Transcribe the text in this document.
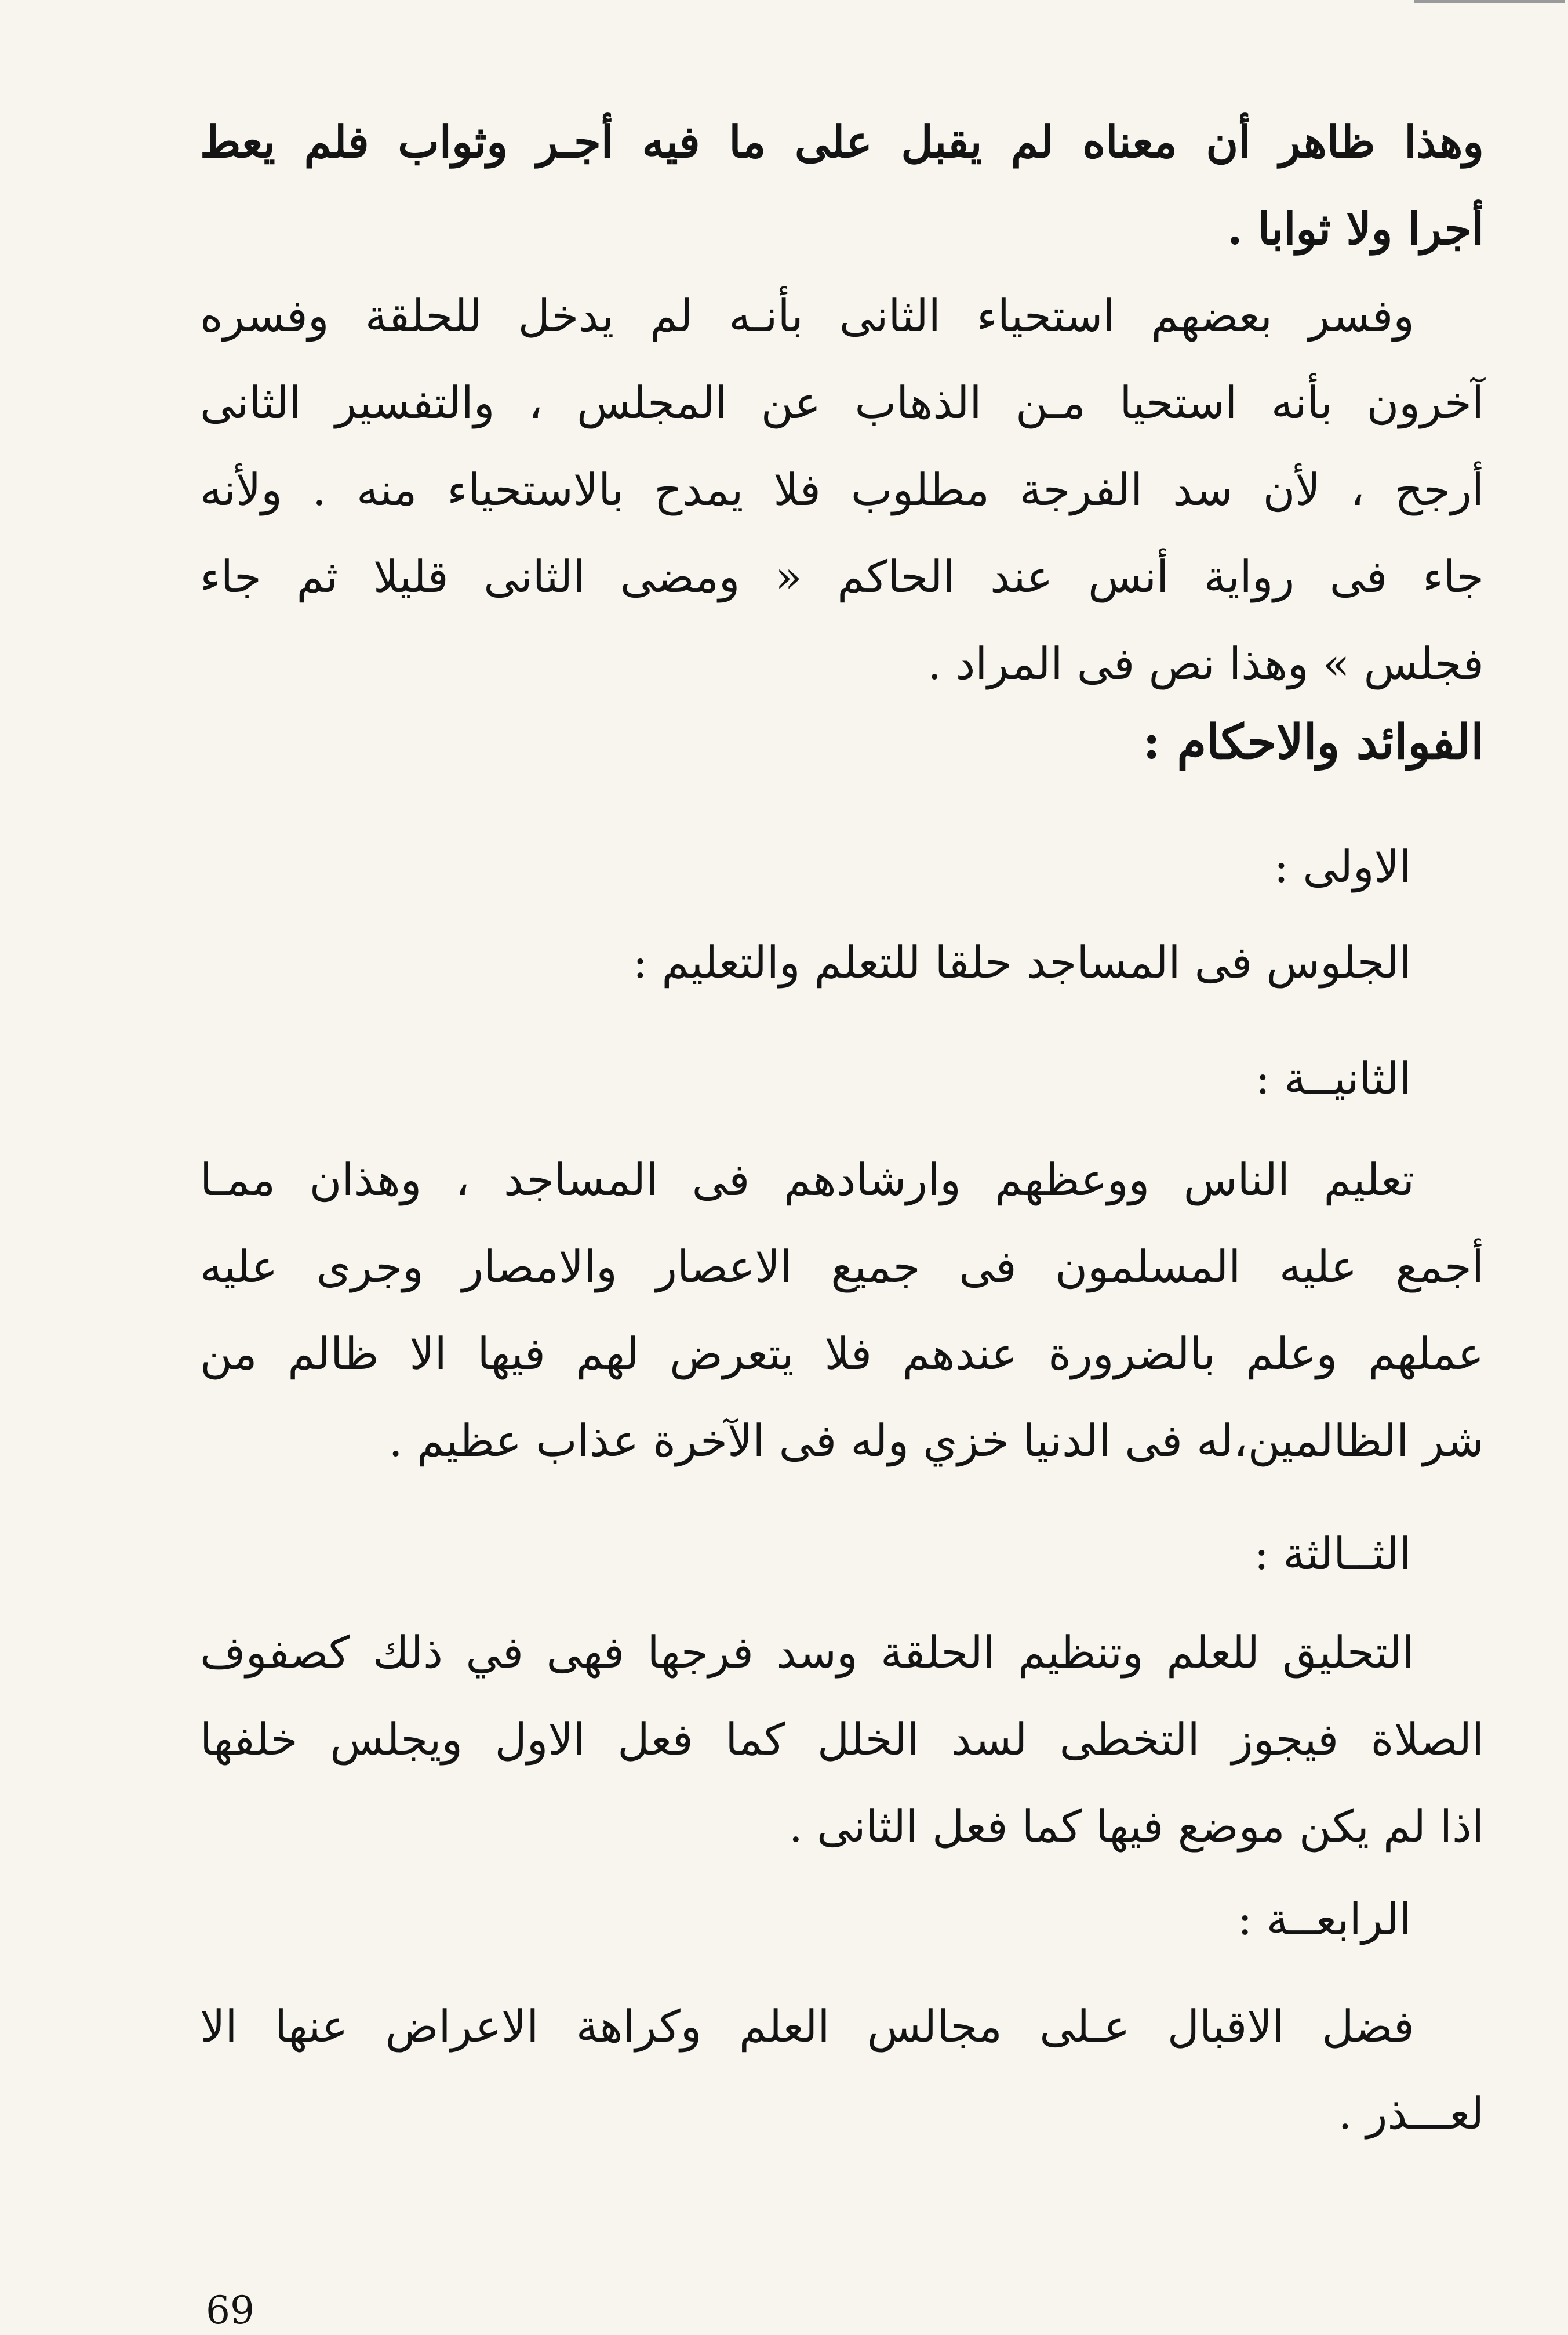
وهذا ظاهر أن معناه لم يقبل على ما فيه أجـر وثواب فلم يعط
أجرا ولا ثوابا .
وفسر بعضهم استحياء الثانى بأنـه لم يدخل للحلقة وفسره
آخرون بأنه استحيا مـن الذهاب عن المجلس ، والتفسير الثانى
أرجح ، لأن سد الفرجة مطلوب فلا يمدح بالاستحياء منه . ولأنه
جاء فى رواية أنس عند الحاكم « ومضى الثانى قليلا ثم جاء
فجلس » وهذا نص فى المراد .
الفوائد والاحكام :
الاولى :
الجلوس فى المساجد حلقا للتعلم والتعليم :
الثانيــة :
تعليم الناس ووعظهم وارشادهم فى المساجد ، وهذان ممـا
أجمع عليه المسلمون فى جميع الاعصار والامصار وجرى عليه
عملهم وعلم بالضرورة عندهم فلا يتعرض لهم فيها الا ظالم من
شر الظالمين،له فى الدنيا خزي وله فى الآخرة عذاب عظيم .
الثــالثة :
التحليق للعلم وتنظيم الحلقة وسد فرجها فهى في ذلك كصفوف
الصلاة فيجوز التخطى لسد الخلل كما فعل الاول ويجلس خلفها
اذا لم يكن موضع فيها كما فعل الثانى .
الرابعــة :
فضل الاقبال عـلى مجالس العلم وكراهة الاعراض عنها الا
لعـــذر .
69
